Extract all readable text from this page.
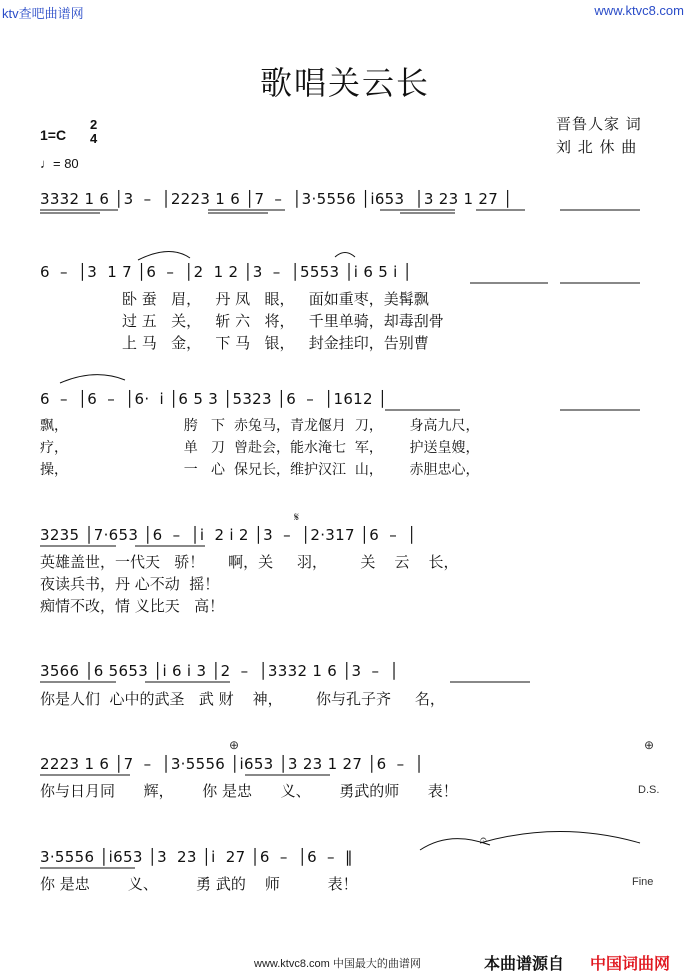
ktv查吧曲谱网	www.ktvc8.com
歌唱关云长
晋鲁人家 词
刘 北 休 曲
1=C
2
4
♩= 80
3332 1 6 │3  –  │2223 1 6 │7  –  │3·5556 │i653  │3 23 1 27 │
6  –  │3  1 7 │6  –  │2  1 2 │3  –  │5553 │i 6 5 i │
卧 蚕   眉，   丹 凤   眼，   面如重枣，美髯飘
过 五   关，   斩 六   将，   千里单骑，却毒刮骨
上 马   金，   下 马   银，   封金挂印，告别曹
6  –  │6  –  │6·  i │6 5 3 │5323 │6  –  │1612 │
飘，                          胯   下  赤兔马，青龙偃月  刀，      身高九尺，
疗，                          单   刀  曾赴会，能水淹七  军，      护送皇嫂，
操，                          一   心  保兄长，维护汉江  山，      赤胆忠心，
𝄋
3235 │7·653 │6  –  │i  2 i 2 │3  –  │2·317 │6  –  │
英雄盖世，一代天   骄！     啊，关     羽，       关    云    长，
夜读兵书，丹 心不动  摇！
痴情不改，情 义比天   高！
3566 │6 5653 │i 6 i 3 │2  –  │3332 1 6 │3  –  │
你是人们  心中的武圣   武 财    神，       你与孔子齐     名，
⊕	⊕
2223 1 6 │7  –  │3·5556 │i653 │3 23 1 27 │6  –  │
你与日月同      辉，      你 是忠      义、      勇武的师      表！	D.S.
𝄐
3·5556 │i653 │3  23 │i  27 │6  –  │6  –  ‖
你 是忠        义、        勇 武的    师          表！	Fine
www.ktvc8.com 中国最大的曲谱网	本曲谱源自 中国词曲网
